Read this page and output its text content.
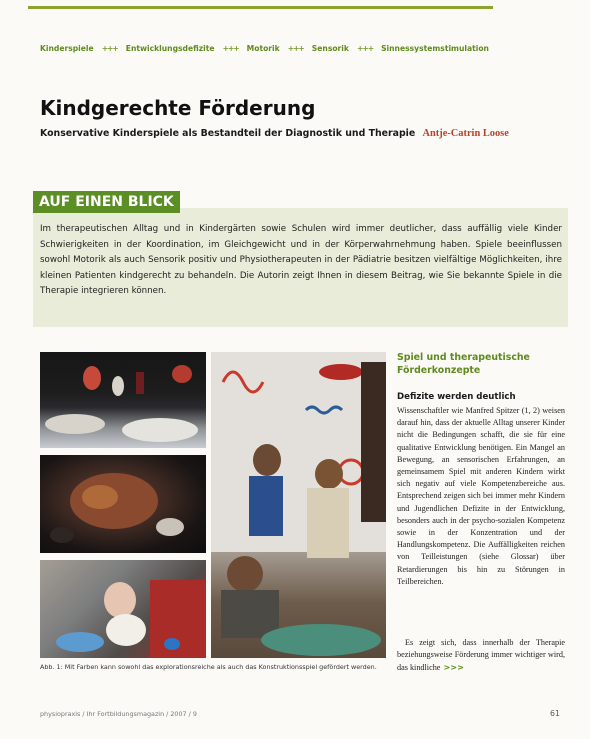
Kinderspiele +++ Entwicklungsdefizite +++ Motorik +++ Sensorik +++ Sinnessystemstimulation
Kindgerechte Förderung
Konservative Kinderspiele als Bestandteil der Diagnostik und Therapie Antje-Catrin Loose
AUF EINEN BLICK

Im therapeutischen Alltag und in Kindergärten sowie Schulen wird immer deutlicher, dass auffällig viele Kinder Schwierigkeiten in der Koordination, im Gleichgewicht und in der Körperwahrnehmung haben. Spiele beeinflussen sowohl Motorik als auch Sensorik positiv und Physiotherapeuten in der Pädiatrie besitzen vielfältige Möglichkeiten, ihre kleinen Patienten kindgerecht zu behandeln. Die Autorin zeigt Ihnen in diesem Beitrag, wie Sie bekannte Spiele in die Therapie integrieren können.

Abb. 1: Mit Farben kann sowohl das explorationsreiche als auch das Konstruktionsspiel gefördert werden.

Spiel und therapeutische Förderkonzepte
Defizite werden deutlich

Wissenschaftler wie Manfred Spitzer (1, 2) weisen darauf hin, dass der aktuelle Alltag unserer Kinder nicht die Bedingungen schafft, die sie für eine qualitative Entwicklung benötigen. Ein Mangel an Bewegung, an sensorischen Erfahrungen, an gemeinsamem Spiel mit anderen Kindern wirkt sich negativ auf viele Kompetenzbereiche aus. Entsprechend zeigen sich bei immer mehr Kindern und Jugendlichen Defizite in der Entwicklung, besonders auch in der psycho-sozialen Kompetenz sowie in der Konzentration und der Handlungskompetenz. Die Auffälligkeiten reichen von Teilleistungen (siehe Glossar) über Retardierungen bis hin zu Störungen in Teilbereichen.

Es zeigt sich, dass innerhalb der Therapie beziehungsweise Förderung immer wichtiger wird, das kindliche >>>

physiopraxis / Ihr Fortbildungsmagazin / 2007 / 9	61
